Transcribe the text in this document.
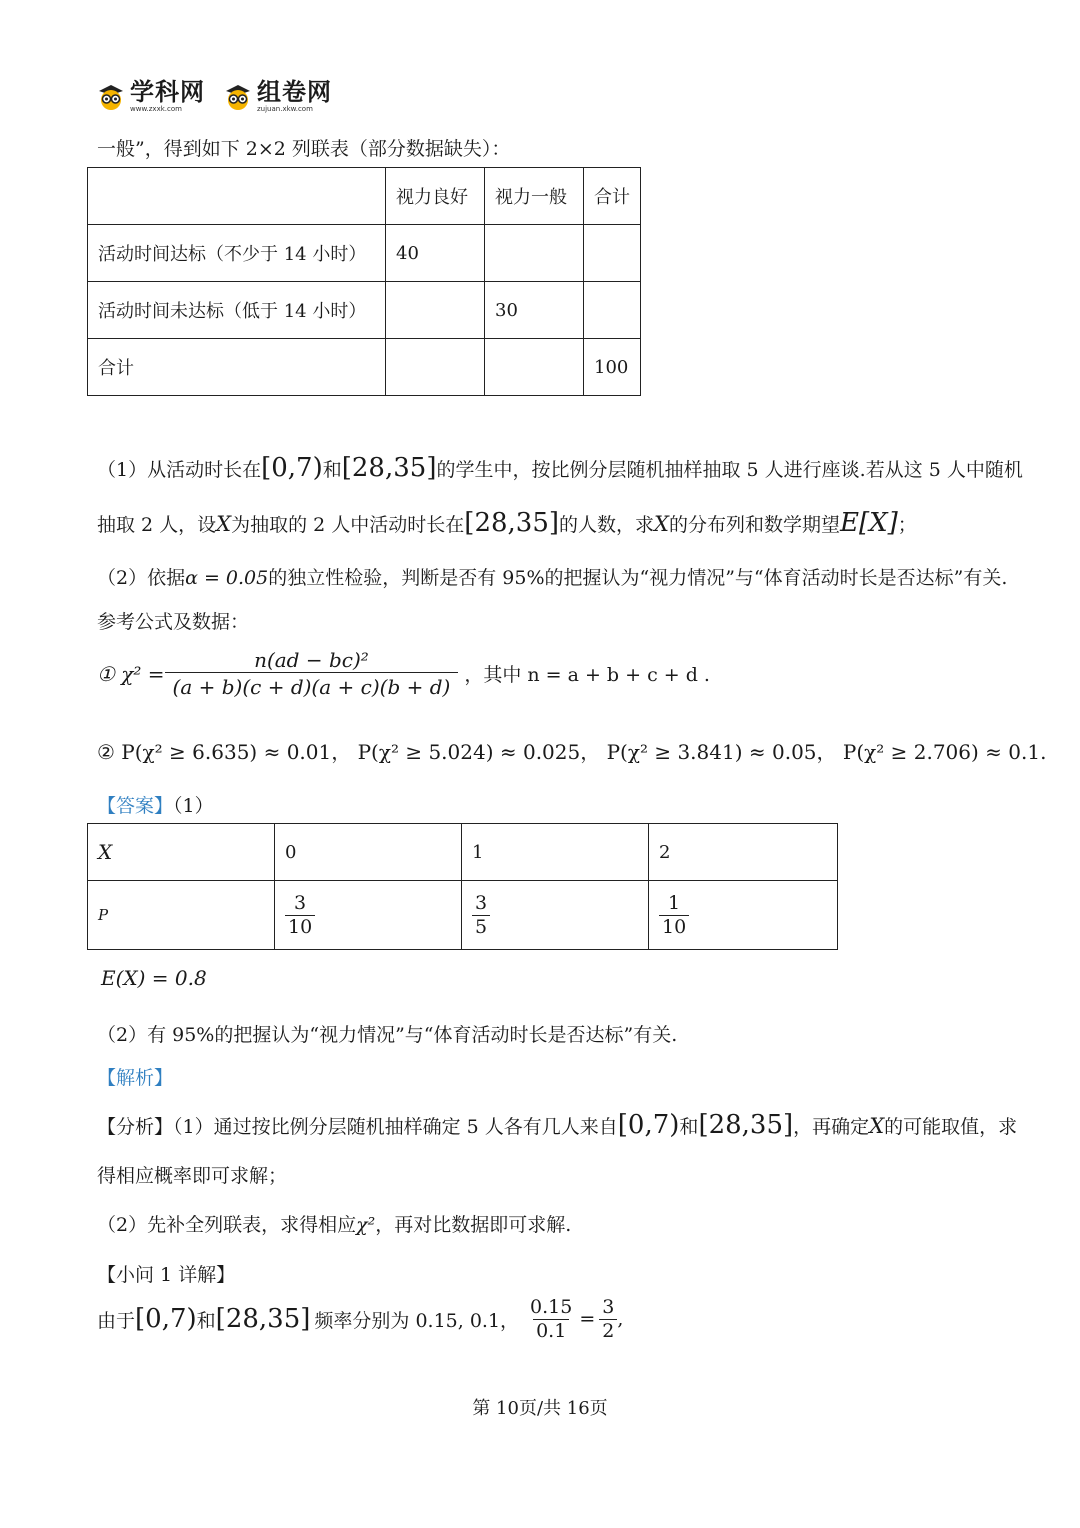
学科网
www.zxxk.com
组卷网
zujuan.xkw.com
一般”，得到如下 2×2 列联表（部分数据缺失）：
	视力良好	视力一般	合计
活动时间达标（不少于 14 小时）	40		
活动时间未达标（低于 14 小时）		30	
合计			100
（1）从活动时长在[0,7)和[28,35]的学生中，按比例分层随机抽样抽取 5 人进行座谈.若从这 5 人中随机
抽取 2 人，设X为抽取的 2 人中活动时长在[28,35]的人数，求X的分布列和数学期望E[X]；
（2）依据α = 0.05的独立性检验，判断是否有 95%的把握认为“视力情况”与“体育活动时长是否达标”有关.
参考公式及数据：
① $\chi^2 = \frac{\text{n(ad − bc)²}}{(a + b)(c + d)(a + c)(b + d)}$ ，其中 n = a + b + c + d .
② P(χ² ≥ 6.635) ≈ 0.01， P(χ² ≥ 5.024) ≈ 0.025， P(χ² ≥ 3.841) ≈ 0.05， P(χ² ≥ 2.706) ≈ 0.1.
【答案】（1）
X	0	1	2
P	$\frac{3}{10}$	$\frac{3}{5}$	$\frac{1}{10}$
E(X) = 0.8
（2）有 95%的把握认为“视力情况”与“体育活动时长是否达标”有关.
【解析】
【分析】（1）通过按比例分层随机抽样确定 5 人各有几人来自[0,7)和[28,35]，再确定X的可能取值，求
得相应概率即可求解；
（2）先补全列联表，求得相应χ²，再对比数据即可求解.
【小问 1 详解】
由于 [0,7) 和 [28,35] 频率分别为 0.15, 0.1， $\frac{0.15}{0.1} = \frac{3}{2}$ ,
第 10页/共 16页
